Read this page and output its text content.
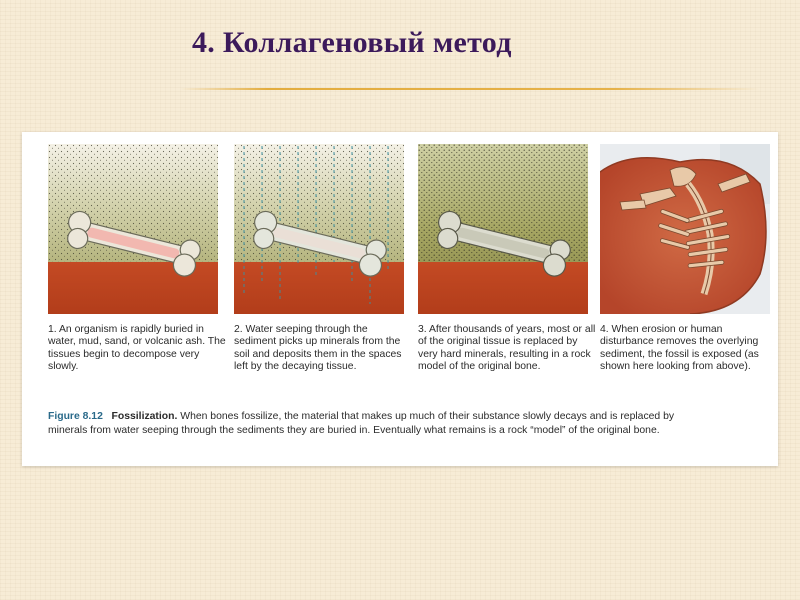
4. Коллагеновый метод

1. An organism is rapidly buried in water, mud, sand, or volcanic ash. The tissues begin to decompose very slowly.

2. Water seeping through the sediment picks up minerals from the soil and deposits them in the spaces left by the decaying tissue.

3. After thousands of years, most or all of the original tissue is replaced by very hard minerals, resulting in a rock model of the original bone.

4. When erosion or human disturbance removes the overlying sediment, the fossil is exposed (as shown here looking from above).

Figure 8.12 Fossilization. When bones fossilize, the material that makes up much of their substance slowly decays and is replaced by minerals from water seeping through the sediments they are buried in. Eventually what remains is a rock “model” of the original bone.
